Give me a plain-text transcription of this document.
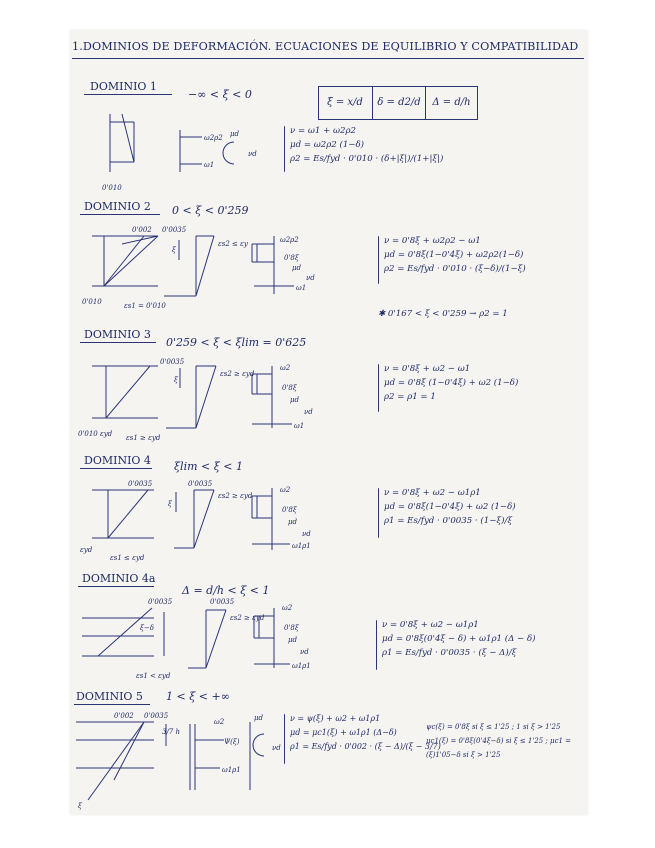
1.DOMINIOS DE DEFORMACIÓN. ECUACIONES DE EQUILIBRIO Y COMPATIBILIDAD
DOMINIO 1
−∞ < ξ < 0
ξ = x/d	δ = d2/d	Δ = d/h
0'010
ω2ρ2
ω1
μd
νd
ν = ω1 + ω2ρ2
μd = ω2ρ2 (1−δ)
ρ2 = Es/fyd · 0'010 · (δ+|ξ|)/(1+|ξ|)
DOMINIO 2 0 < ξ < 0'259
0'002 0'0035
0'010	εs1 = 0'010
εs2 ≤ εy
ξ
ω2ρ2
0'8ξ
ω1
μd
νd
ν = 0'8ξ + ω2ρ2 − ω1
μd = 0'8ξ(1−0'4ξ) + ω2ρ2(1−δ)
ρ2 = Es/fyd · 0'010 · (ξ−δ)/(1−ξ)
✱ 0'167 < ξ < 0'259 → ρ2 = 1
DOMINIO 3
0'259 < ξ < ξlim = 0'625
0'0035
0'010 εyd εs1 ≥ εyd
εs2 ≥ εyd
ξ
ω2
0'8ξ
ω1
μd
νd
ν = 0'8ξ + ω2 − ω1
μd = 0'8ξ (1−0'4ξ) + ω2 (1−δ)
ρ2 = ρ1 = 1
DOMINIO 4 ξlim < ξ < 1
0'0035	0'0035
εyd
εs1 ≤ εyd
εs2 ≥ εyd
ξ
ω2
0'8ξ
ω1ρ1
μd
νd
ν = 0'8ξ + ω2 − ω1ρ1
μd = 0'8ξ(1−0'4ξ) + ω2 (1−δ)
ρ1 = Es/fyd · 0'0035 · (1−ξ)/ξ
DOMINIO 4a
Δ = d/h < ξ < 1
0'0035	0'0035
ξ−δ
εs2 ≥ εyd
εs1 < εyd
ω2
0'8ξ
ω1ρ1
μd
νd
ν = 0'8ξ + ω2 − ω1ρ1
μd = 0'8ξ(0'4ξ − δ) + ω1ρ1 (Δ − δ)
ρ1 = Es/fyd · 0'0035 · (ξ − Δ)/ξ
DOMINIO 5 1 < ξ < +∞
0'002 0'0035
3/7 h
ξ
ω2
Ψ(ξ)
ω1ρ1
μd
νd
ν = ψ(ξ) + ω2 + ω1ρ1
μd = μc1(ξ) + ω1ρ1 (Δ−δ)
ρ1 = Es/fyd · 0'002 · (ξ − Δ)/(ξ − 3/7)
ψc(ξ) = 0'8ξ si ξ ≤ 1'25 ; 1 si ξ > 1'25
μc1(ξ) = 0'8ξ(0'4ξ−δ) si ξ ≤ 1'25 ; μc1 = (ξ)1'05−δ si ξ > 1'25
